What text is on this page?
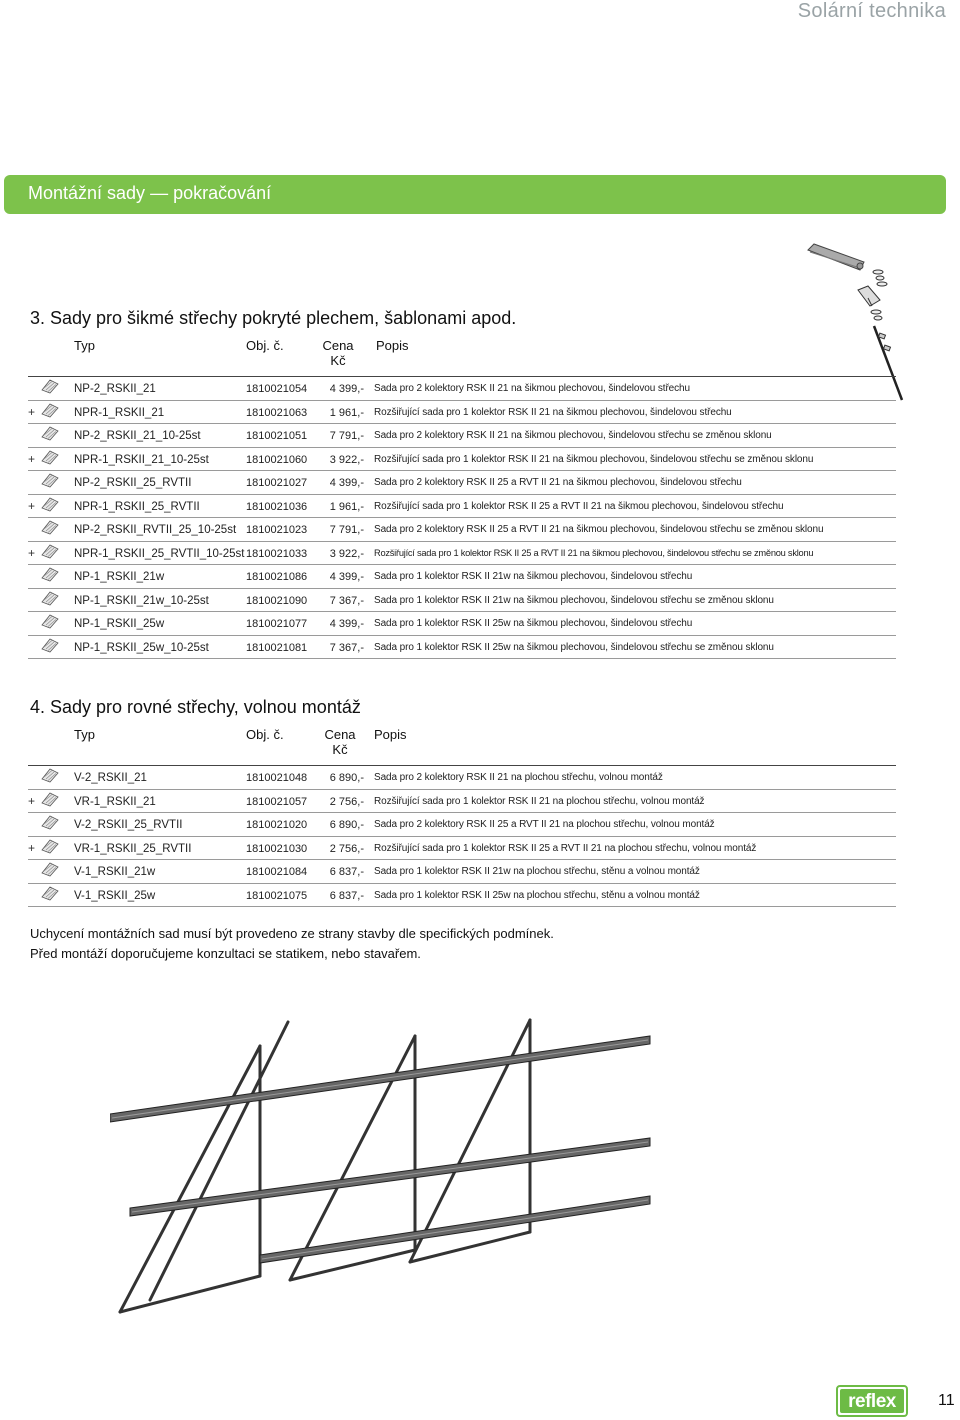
Solární technika
Montážní sady — pokračování
3. Sady pro šikmé střechy pokryté plechem, šablonami apod.
Typ	Obj. č.	Cena
Kč
Popis
NP-2_RSKII_21	1810021054	4 399,- Sada pro 2 kolektory RSK II 21 na šikmou plechovou, šindelovou střechu
+	NPR-1_RSKII_21	1810021063	1 961,- Rozšiřující sada pro 1 kolektor RSK II 21 na šikmou plechovou, šindelovou střechu
NP-2_RSKII_21_10-25st	1810021051	7 791,- Sada pro 2 kolektory RSK II 21 na šikmou plechovou, šindelovou střechu se změnou sklonu
+	NPR-1_RSKII_21_10-25st	1810021060	3 922,- Rozšiřující sada pro 1 kolektor RSK II 21 na šikmou plechovou, šindelovou střechu se změnou sklonu
NP-2_RSKII_25_RVTII	1810021027	4 399,- Sada pro 2 kolektory RSK II 25 a RVT II 21 na šikmou plechovou, šindelovou střechu
+	NPR-1_RSKII_25_RVTII	1810021036	1 961,- Rozšiřující sada pro 1 kolektor RSK II 25 a RVT II 21 na šikmou plechovou, šindelovou střechu
NP-2_RSKII_RVTII_25_10-25st 1810021023	7 791,- Sada pro 2 kolektory RSK II 25 a RVT II 21 na šikmou plechovou, šindelovou střechu se změnou sklonu
+	NPR-1_RSKII_25_RVTII_10-25st 1810021033	3 922,- Rozšiřující sada pro 1 kolektor RSK II 25 a RVT II 21 na šikmou plechovou, šindelovou střechu se změnou sklonu
NP-1_RSKII_21w	1810021086	4 399,- Sada pro 1 kolektor RSK II 21w na šikmou plechovou, šindelovou střechu
NP-1_RSKII_21w_10-25st	1810021090	7 367,- Sada pro 1 kolektor RSK II 21w na šikmou plechovou, šindelovou střechu se změnou sklonu
NP-1_RSKII_25w	1810021077	4 399,- Sada pro 1 kolektor RSK II 25w na šikmou plechovou, šindelovou střechu
NP-1_RSKII_25w_10-25st	1810021081	7 367,- Sada pro 1 kolektor RSK II 25w na šikmou plechovou, šindelovou střechu se změnou sklonu
4. Sady pro rovné střechy, volnou montáž
Typ	Obj. č.	Cena
Kč
Popis
V-2_RSKII_21	1810021048	6 890,- Sada pro 2 kolektory RSK II 21 na plochou střechu, volnou montáž
+	VR-1_RSKII_21	1810021057	2 756,- Rozšiřující sada pro 1 kolektor RSK II 21 na plochou střechu, volnou montáž
V-2_RSKII_25_RVTII	1810021020	6 890,- Sada pro 2 kolektory RSK II 25 a RVT II 21 na plochou střechu, volnou montáž
+	VR-1_RSKII_25_RVTII	1810021030	2 756,- Rozšiřující sada pro 1 kolektor RSK II 25 a RVT II 21 na plochou střechu, volnou montáž
V-1_RSKII_21w	1810021084	6 837,- Sada pro 1 kolektor RSK II 21w na plochou střechu, stěnu a volnou montáž
V-1_RSKII_25w	1810021075	6 837,- Sada pro 1 kolektor RSK II 25w na plochou střechu, stěnu a volnou montáž
Uchycení montážních sad musí být provedeno ze strany stavby dle specifických podmínek.
Před montáží doporučujeme konzultaci se statikem, nebo stavařem.
reflex	11
